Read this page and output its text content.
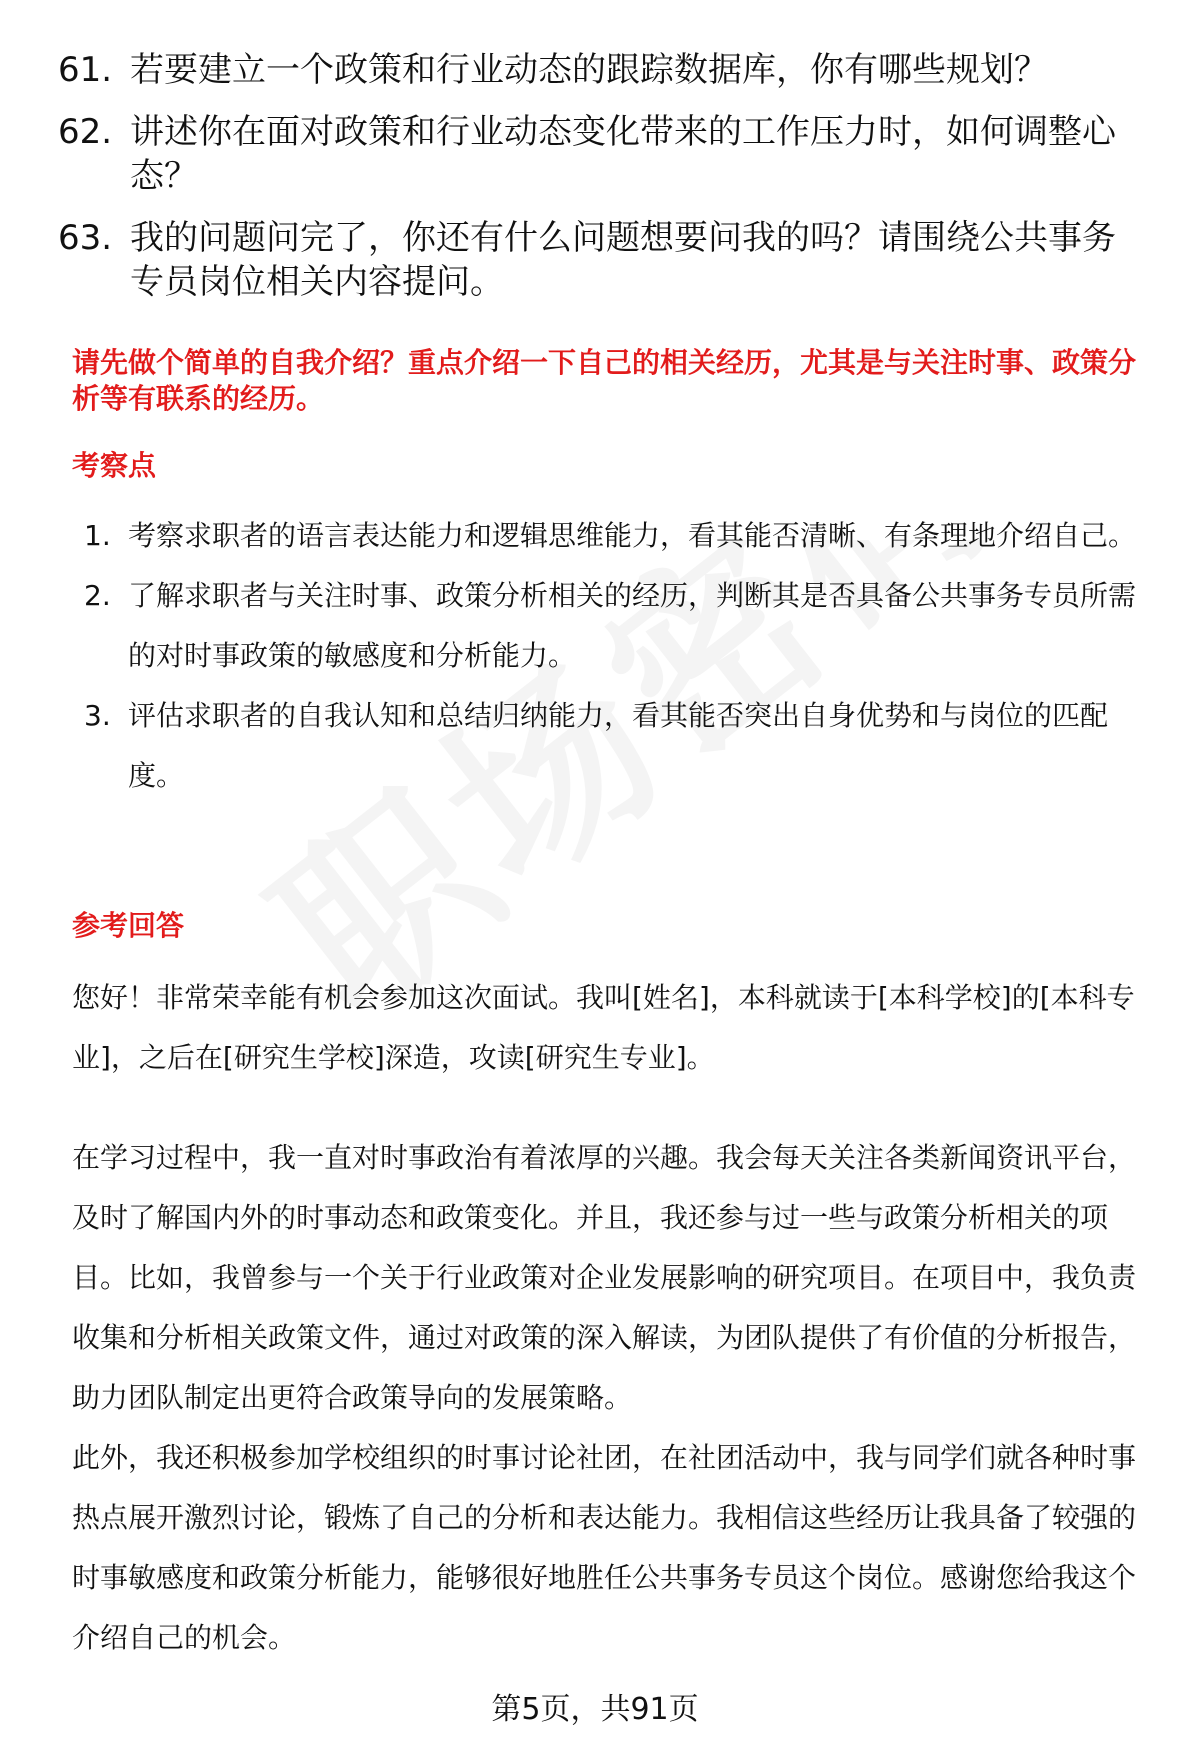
61. 若要建立一个政策和行业动态的跟踪数据库，你有哪些规划？
62. 讲述你在面对政策和行业动态变化带来的工作压力时，如何调整心态？
63. 我的问题问完了，你还有什么问题想要问我的吗？请围绕公共事务专员岗位相关内容提问。
请先做个简单的自我介绍？重点介绍一下自己的相关经历，尤其是与关注时事、政策分析等有联系的经历。
考察点
1. 考察求职者的语言表达能力和逻辑思维能力，看其能否清晰、有条理地介绍自己。
2. 了解求职者与关注时事、政策分析相关的经历，判断其是否具备公共事务专员所需的对时事政策的敏感度和分析能力。
3. 评估求职者的自我认知和总结归纳能力，看其能否突出自身优势和与岗位的匹配度。
参考回答
您好！非常荣幸能有机会参加这次面试。我叫[姓名]，本科就读于[本科学校]的[本科专业]，之后在[研究生学校]深造，攻读[研究生专业]。
在学习过程中，我一直对时事政治有着浓厚的兴趣。我会每天关注各类新闻资讯平台，及时了解国内外的时事动态和政策变化。并且，我还参与过一些与政策分析相关的项目。比如，我曾参与一个关于行业政策对企业发展影响的研究项目。在项目中，我负责收集和分析相关政策文件，通过对政策的深入解读，为团队提供了有价值的分析报告，助力团队制定出更符合政策导向的发展策略。
此外，我还积极参加学校组织的时事讨论社团，在社团活动中，我与同学们就各种时事热点展开激烈讨论，锻炼了自己的分析和表达能力。我相信这些经历让我具备了较强的时事敏感度和政策分析能力，能够很好地胜任公共事务专员这个岗位。感谢您给我这个介绍自己的机会。
第5页，共91页
